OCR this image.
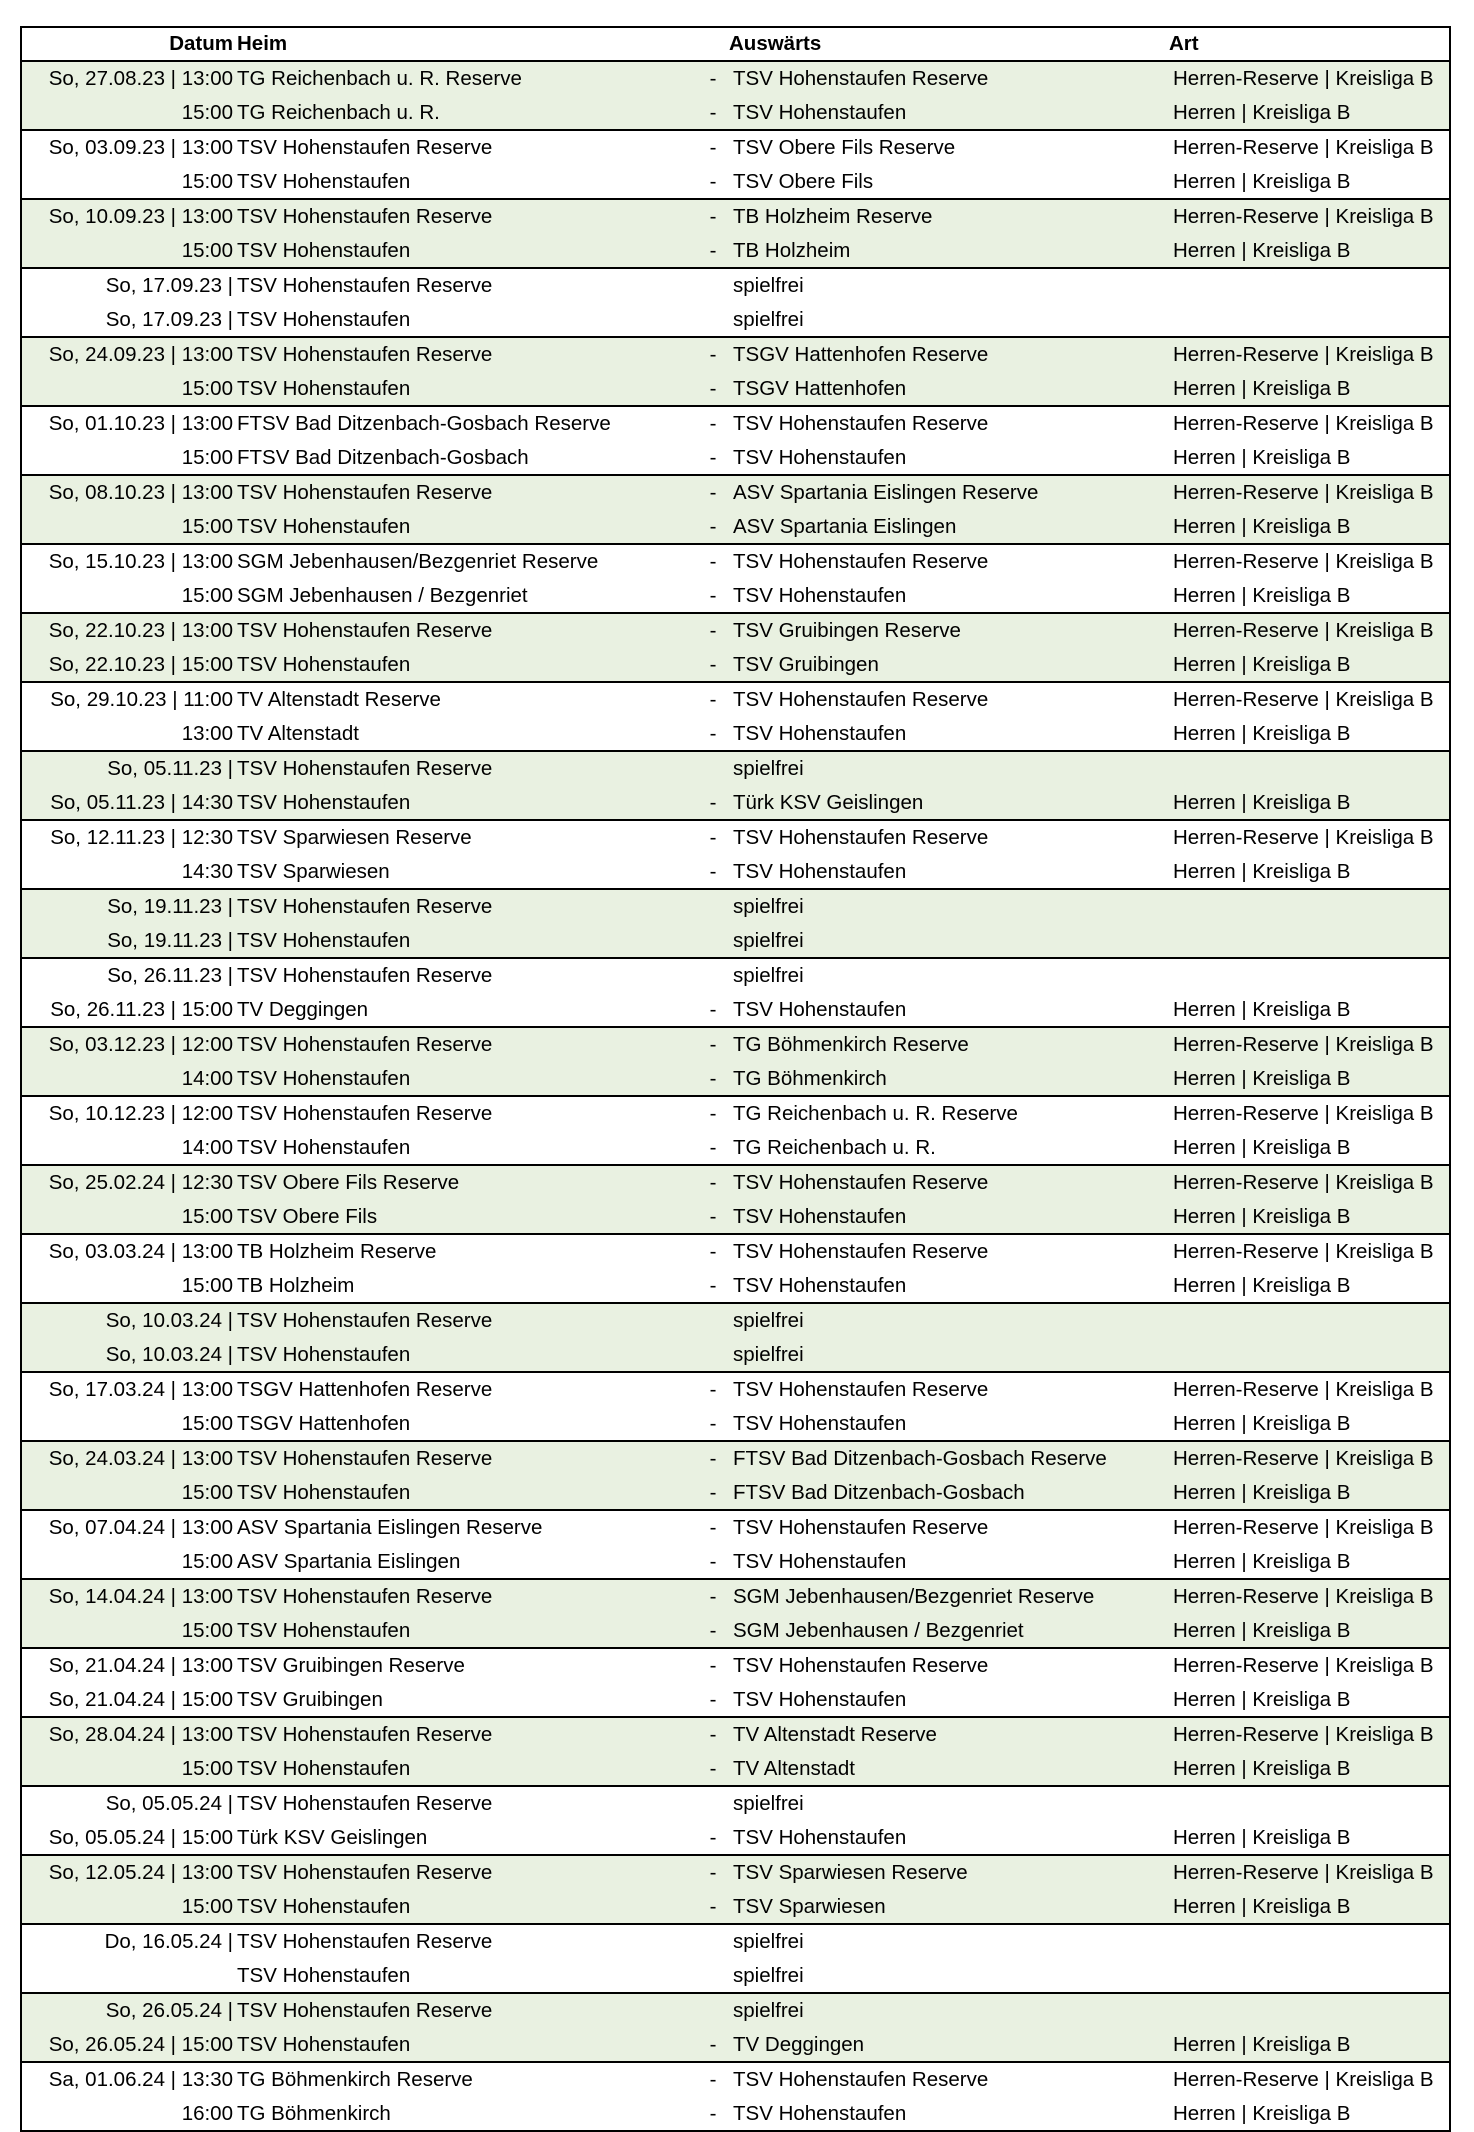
Datum	Heim		Auswärts	Art
So, 27.08.23 | 13:00	TG Reichenbach u. R. Reserve	-	TSV Hohenstaufen Reserve	Herren-Reserve | Kreisliga B
15:00	TG Reichenbach u. R.	-	TSV Hohenstaufen	Herren | Kreisliga B
So, 03.09.23 | 13:00	TSV Hohenstaufen Reserve	-	TSV Obere Fils Reserve	Herren-Reserve | Kreisliga B
15:00	TSV Hohenstaufen	-	TSV Obere Fils	Herren | Kreisliga B
So, 10.09.23 | 13:00	TSV Hohenstaufen Reserve	-	TB Holzheim Reserve	Herren-Reserve | Kreisliga B
15:00	TSV Hohenstaufen	-	TB Holzheim	Herren | Kreisliga B
So, 17.09.23 |	TSV Hohenstaufen Reserve		spielfrei	
So, 17.09.23 |	TSV Hohenstaufen		spielfrei	
So, 24.09.23 | 13:00	TSV Hohenstaufen Reserve	-	TSGV Hattenhofen Reserve	Herren-Reserve | Kreisliga B
15:00	TSV Hohenstaufen	-	TSGV Hattenhofen	Herren | Kreisliga B
So, 01.10.23 | 13:00	FTSV Bad Ditzenbach-Gosbach Reserve	-	TSV Hohenstaufen Reserve	Herren-Reserve | Kreisliga B
15:00	FTSV Bad Ditzenbach-Gosbach	-	TSV Hohenstaufen	Herren | Kreisliga B
So, 08.10.23 | 13:00	TSV Hohenstaufen Reserve	-	ASV Spartania Eislingen Reserve	Herren-Reserve | Kreisliga B
15:00	TSV Hohenstaufen	-	ASV Spartania Eislingen	Herren | Kreisliga B
So, 15.10.23 | 13:00	SGM Jebenhausen/Bezgenriet Reserve	-	TSV Hohenstaufen Reserve	Herren-Reserve | Kreisliga B
15:00	SGM Jebenhausen / Bezgenriet	-	TSV Hohenstaufen	Herren | Kreisliga B
So, 22.10.23 | 13:00	TSV Hohenstaufen Reserve	-	TSV Gruibingen Reserve	Herren-Reserve | Kreisliga B
So, 22.10.23 | 15:00	TSV Hohenstaufen	-	TSV Gruibingen	Herren | Kreisliga B
So, 29.10.23 | 11:00	TV Altenstadt Reserve	-	TSV Hohenstaufen Reserve	Herren-Reserve | Kreisliga B
13:00	TV Altenstadt	-	TSV Hohenstaufen	Herren | Kreisliga B
So, 05.11.23 |	TSV Hohenstaufen Reserve		spielfrei	
So, 05.11.23 | 14:30	TSV Hohenstaufen	-	Türk KSV Geislingen	Herren | Kreisliga B
So, 12.11.23 | 12:30	TSV Sparwiesen Reserve	-	TSV Hohenstaufen Reserve	Herren-Reserve | Kreisliga B
14:30	TSV Sparwiesen	-	TSV Hohenstaufen	Herren | Kreisliga B
So, 19.11.23 |	TSV Hohenstaufen Reserve		spielfrei	
So, 19.11.23 |	TSV Hohenstaufen		spielfrei	
So, 26.11.23 |	TSV Hohenstaufen Reserve		spielfrei	
So, 26.11.23 | 15:00	TV Deggingen	-	TSV Hohenstaufen	Herren | Kreisliga B
So, 03.12.23 | 12:00	TSV Hohenstaufen Reserve	-	TG Böhmenkirch Reserve	Herren-Reserve | Kreisliga B
14:00	TSV Hohenstaufen	-	TG Böhmenkirch	Herren | Kreisliga B
So, 10.12.23 | 12:00	TSV Hohenstaufen Reserve	-	TG Reichenbach u. R. Reserve	Herren-Reserve | Kreisliga B
14:00	TSV Hohenstaufen	-	TG Reichenbach u. R.	Herren | Kreisliga B
So, 25.02.24 | 12:30	TSV Obere Fils Reserve	-	TSV Hohenstaufen Reserve	Herren-Reserve | Kreisliga B
15:00	TSV Obere Fils	-	TSV Hohenstaufen	Herren | Kreisliga B
So, 03.03.24 | 13:00	TB Holzheim Reserve	-	TSV Hohenstaufen Reserve	Herren-Reserve | Kreisliga B
15:00	TB Holzheim	-	TSV Hohenstaufen	Herren | Kreisliga B
So, 10.03.24 |	TSV Hohenstaufen Reserve		spielfrei	
So, 10.03.24 |	TSV Hohenstaufen		spielfrei	
So, 17.03.24 | 13:00	TSGV Hattenhofen Reserve	-	TSV Hohenstaufen Reserve	Herren-Reserve | Kreisliga B
15:00	TSGV Hattenhofen	-	TSV Hohenstaufen	Herren | Kreisliga B
So, 24.03.24 | 13:00	TSV Hohenstaufen Reserve	-	FTSV Bad Ditzenbach-Gosbach Reserve	Herren-Reserve | Kreisliga B
15:00	TSV Hohenstaufen	-	FTSV Bad Ditzenbach-Gosbach	Herren | Kreisliga B
So, 07.04.24 | 13:00	ASV Spartania Eislingen Reserve	-	TSV Hohenstaufen Reserve	Herren-Reserve | Kreisliga B
15:00	ASV Spartania Eislingen	-	TSV Hohenstaufen	Herren | Kreisliga B
So, 14.04.24 | 13:00	TSV Hohenstaufen Reserve	-	SGM Jebenhausen/Bezgenriet Reserve	Herren-Reserve | Kreisliga B
15:00	TSV Hohenstaufen	-	SGM Jebenhausen / Bezgenriet	Herren | Kreisliga B
So, 21.04.24 | 13:00	TSV Gruibingen Reserve	-	TSV Hohenstaufen Reserve	Herren-Reserve | Kreisliga B
So, 21.04.24 | 15:00	TSV Gruibingen	-	TSV Hohenstaufen	Herren | Kreisliga B
So, 28.04.24 | 13:00	TSV Hohenstaufen Reserve	-	TV Altenstadt Reserve	Herren-Reserve | Kreisliga B
15:00	TSV Hohenstaufen	-	TV Altenstadt	Herren | Kreisliga B
So, 05.05.24 |	TSV Hohenstaufen Reserve		spielfrei	
So, 05.05.24 | 15:00	Türk KSV Geislingen	-	TSV Hohenstaufen	Herren | Kreisliga B
So, 12.05.24 | 13:00	TSV Hohenstaufen Reserve	-	TSV Sparwiesen Reserve	Herren-Reserve | Kreisliga B
15:00	TSV Hohenstaufen	-	TSV Sparwiesen	Herren | Kreisliga B
Do, 16.05.24 |	TSV Hohenstaufen Reserve		spielfrei	
	TSV Hohenstaufen		spielfrei	
So, 26.05.24 |	TSV Hohenstaufen Reserve		spielfrei	
So, 26.05.24 | 15:00	TSV Hohenstaufen	-	TV Deggingen	Herren | Kreisliga B
Sa, 01.06.24 | 13:30	TG Böhmenkirch Reserve	-	TSV Hohenstaufen Reserve	Herren-Reserve | Kreisliga B
16:00	TG Böhmenkirch	-	TSV Hohenstaufen	Herren | Kreisliga B
